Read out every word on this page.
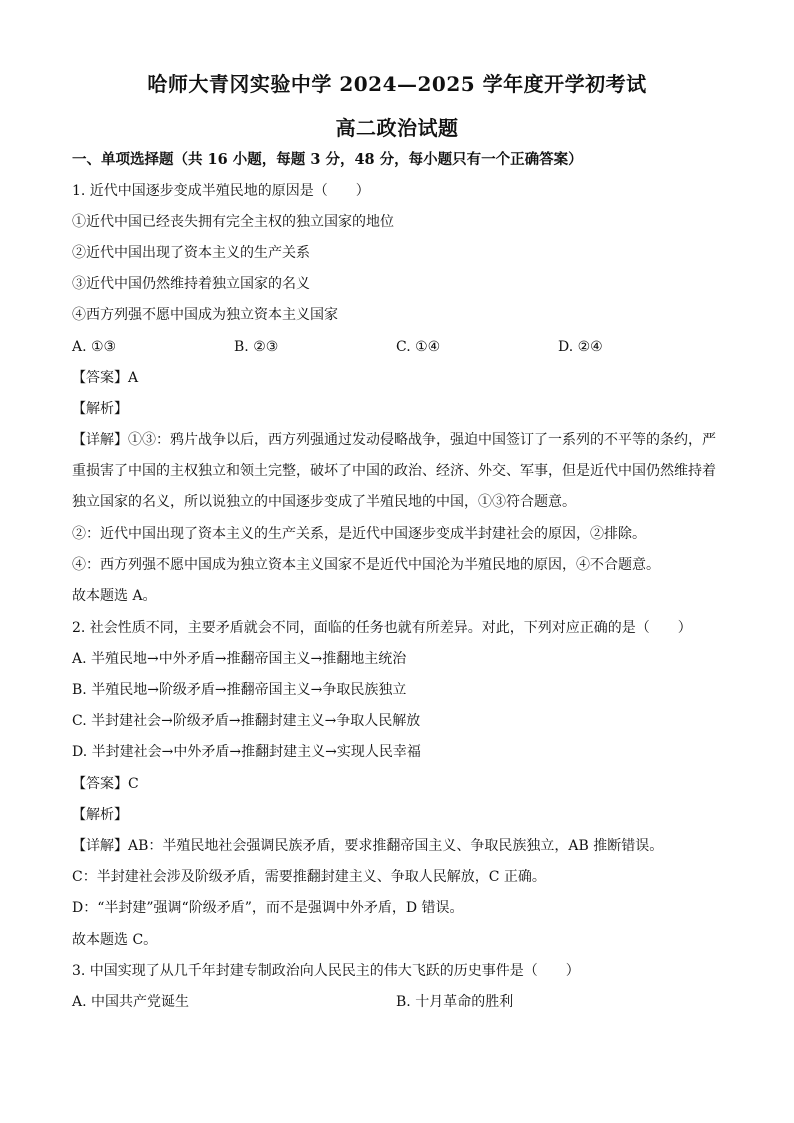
哈师大青冈实验中学 2024—2025 学年度开学初考试
高二政治试题
一、单项选择题（共 16 小题，每题 3 分，48 分，每小题只有一个正确答案）
1. 近代中国逐步变成半殖民地的原因是（　　）
①近代中国已经丧失拥有完全主权的独立国家的地位
②近代中国出现了资本主义的生产关系
③近代中国仍然维持着独立国家的名义
④西方列强不愿中国成为独立资本主义国家
A. ①③	B. ②③	C. ①④	D. ②④
【答案】A
【解析】
【详解】①③：鸦片战争以后，西方列强通过发动侵略战争，强迫中国签订了一系列的不平等的条约，严
重损害了中国的主权独立和领土完整，破坏了中国的政治、经济、外交、军事，但是近代中国仍然维持着
独立国家的名义，所以说独立的中国逐步变成了半殖民地的中国，①③符合题意。
②：近代中国出现了资本主义的生产关系，是近代中国逐步变成半封建社会的原因，②排除。
④：西方列强不愿中国成为独立资本主义国家不是近代中国沦为半殖民地的原因，④不合题意。
故本题选 A。
2. 社会性质不同，主要矛盾就会不同，面临的任务也就有所差异。对此，下列对应正确的是（　　）
A. 半殖民地→中外矛盾→推翻帝国主义→推翻地主统治
B. 半殖民地→阶级矛盾→推翻帝国主义→争取民族独立
C. 半封建社会→阶级矛盾→推翻封建主义→争取人民解放
D. 半封建社会→中外矛盾→推翻封建主义→实现人民幸福
【答案】C
【解析】
【详解】AB：半殖民地社会强调民族矛盾，要求推翻帝国主义、争取民族独立，AB 推断错误。
C：半封建社会涉及阶级矛盾，需要推翻封建主义、争取人民解放，C 正确。
D：“半封建”强调“阶级矛盾”，而不是强调中外矛盾，D 错误。
故本题选 C。
3. 中国实现了从几千年封建专制政治向人民民主的伟大飞跃的历史事件是（　　）
A. 中国共产党诞生	B. 十月革命的胜利
